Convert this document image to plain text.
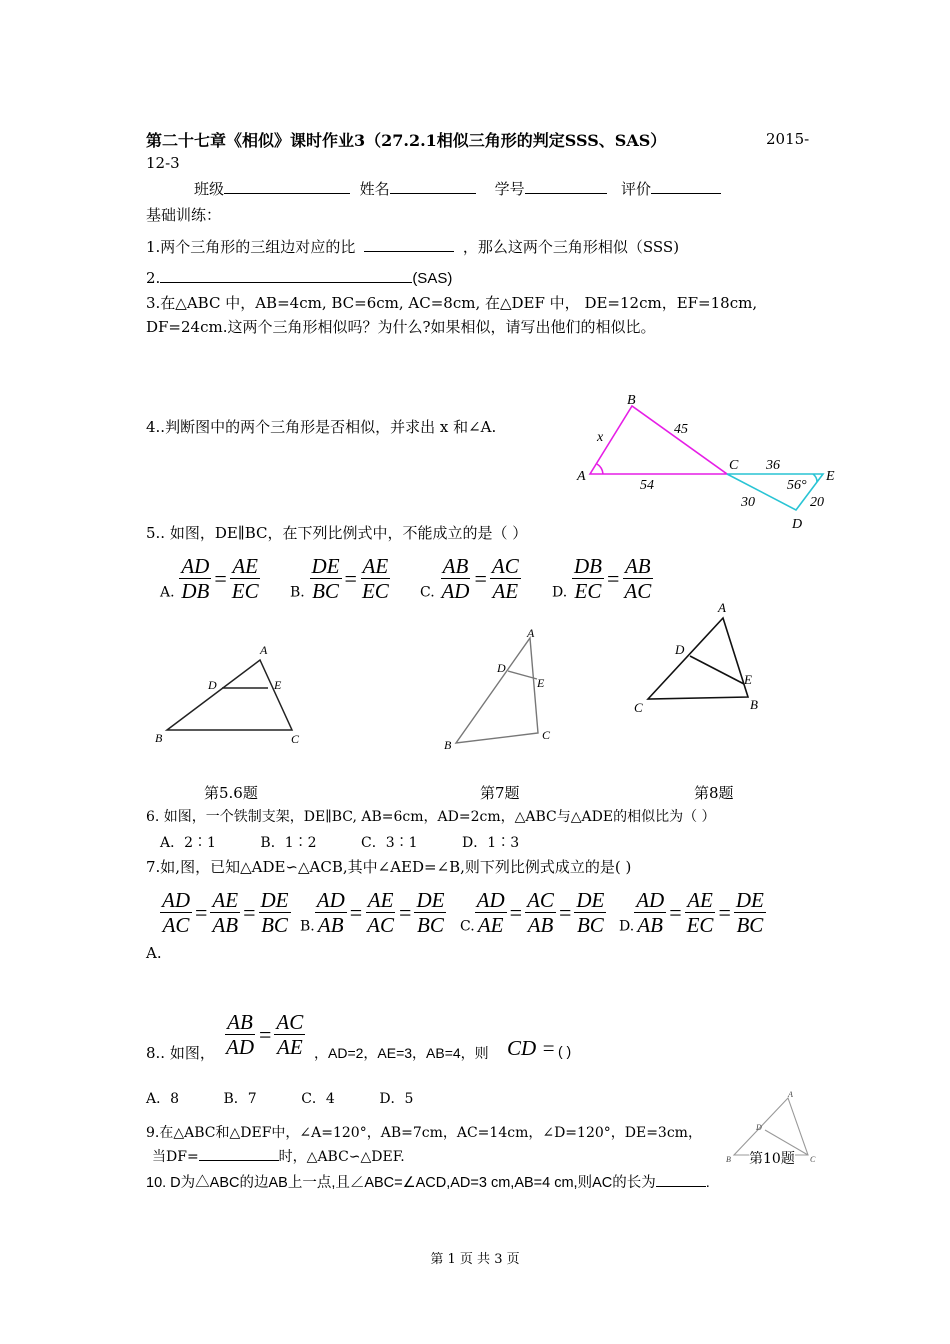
第二十七章《相似》课时作业3（27.2.1相似三角形的判定SSS、SAS）	2015-
12-3
班级	姓名	学号	评价
基础训练：
1.两个三角形的三组边对应的比	，那么这两个三角形相似（SSS)
2.	(SAS)
3.在△ABC 中，AB=4cm, BC=6cm, AC=8cm, 在△DEF 中， DE=12cm，EF=18cm,
DF=24cm.这两个三角形相似吗？为什么?如果相似，请写出他们的相似比。
4..判断图中的两个三角形是否相似，并求出 x 和∠A.
B
x
45
A
C
54
36
E
56°
30	20
D
5.. 如图，DE∥BC，在下列比例式中，不能成立的是（ ）
A. $\frac{AD}{DB} = \frac{AE}{EC} B$. $\frac{DE}{BC} = \frac{AE}{EC} C$. $\frac{AB}{AD} = \frac{AC}{AE} D$. $\frac{DB}{EC} = \frac{AB}{AC}$
A
D	E
B	C
A
D
E
B
C
A
D
E
C	B
第5.6题	第7题	第8题
6. 如图，一个铁制支架，DE∥BC, AB=6cm，AD=2cm，△ABC与△ADE的相似比为（ ）
A．2∶1          B．1∶2          C．3∶1          D．1∶3
7.如,图，已知△ADE∽△ACB,其中∠AED=∠B,则下列比例式成立的是( )
$\frac{AD}{AC} = \frac{AE}{AB} = \frac{DE}{BC} B$. $\frac{AD}{AB} = \frac{AE}{AC} = \frac{DE}{BC} C$. $\frac{AD}{AE} = \frac{AC}{AB} = \frac{DE}{BC} D$. $\frac{AD}{AB} = \frac{AE}{EC} = \frac{DE}{BC}$
A.
$\frac{AB}{AD} = \frac{AC}{AE}$
8.. 如图，	，AD=2，AE=3，AB=4，则 CD = ( )
A．8          B．7          C．4          D．5
9.在△ABC和△DEF中，∠A=120°，AB=7cm，AC=14cm，∠D=120°，DE=3cm，
当DF=	时，△ABC∽△DEF.
A
D
B	C
第10题
10. D为△ABC的边AB上一点,且∠ABC=∠ACD,AD=3 cm,AB=4 cm,则AC的长为	.
第 1 页 共 3 页
